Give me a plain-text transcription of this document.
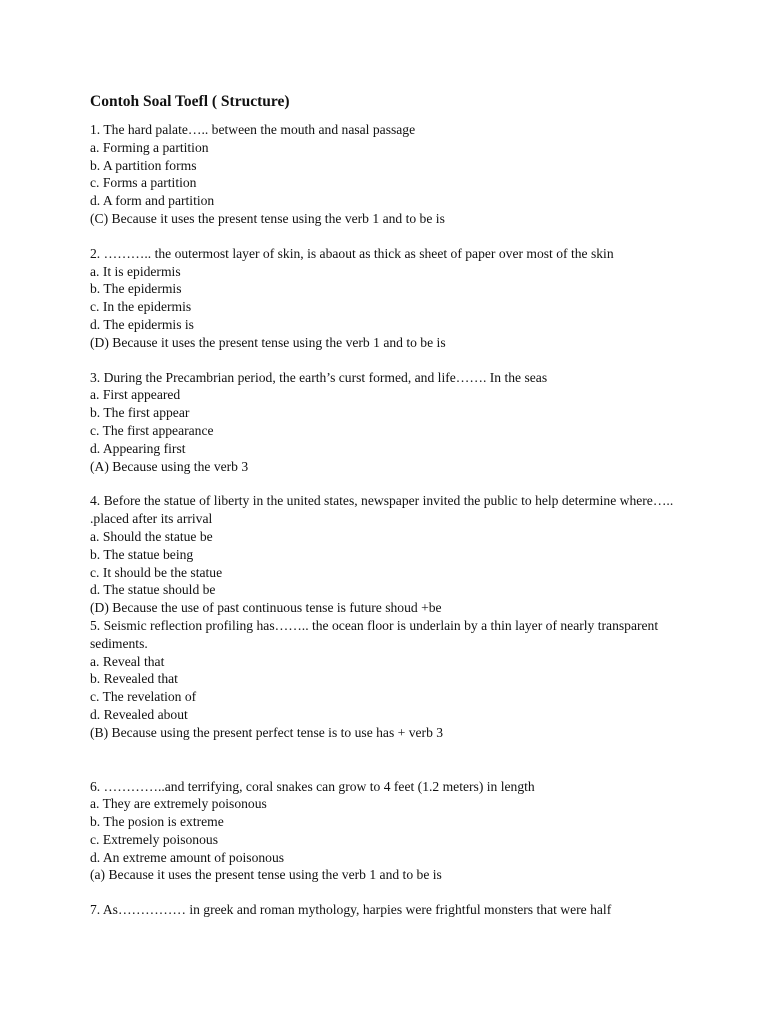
Contoh Soal Toefl ( Structure)
1. The hard palate….. between the mouth and nasal passage
a. Forming a partition
b. A partition forms
c. Forms a partition
d. A form and partition
(C) Because it uses the present tense using the verb 1 and to be is
2. ……….. the outermost layer of skin, is abaout as thick as sheet of paper over most of the skin
a. It is epidermis
b. The epidermis
c. In the epidermis
d. The epidermis is
(D) Because it uses the present tense using the verb 1 and to be is
3. During the Precambrian period, the earth’s curst formed, and life……. In the seas
a. First appeared
b. The first appear
c. The first appearance
d. Appearing first
(A) Because using the verb 3
4. Before the statue of liberty in the united states, newspaper invited the public to help determine where….. .placed after its arrival
a. Should the statue be
b. The statue being
c. It should be the statue
d. The statue should be
(D) Because the use of past continuous tense is future shoud +be
5. Seismic reflection profiling has…….. the ocean floor is underlain by a thin layer of nearly transparent sediments.
a. Reveal that
b. Revealed that
c. The revelation of
d. Revealed about
(B) Because using the present perfect tense is to use has + verb 3
6. …………..and terrifying, coral snakes can grow to 4 feet (1.2 meters) in length
a. They are extremely poisonous
b. The posion is extreme
c. Extremely poisonous
d. An extreme amount of poisonous
(a) Because it uses the present tense using the verb 1 and to be is
7. As…………… in greek and roman mythology, harpies were frightful monsters that were half
